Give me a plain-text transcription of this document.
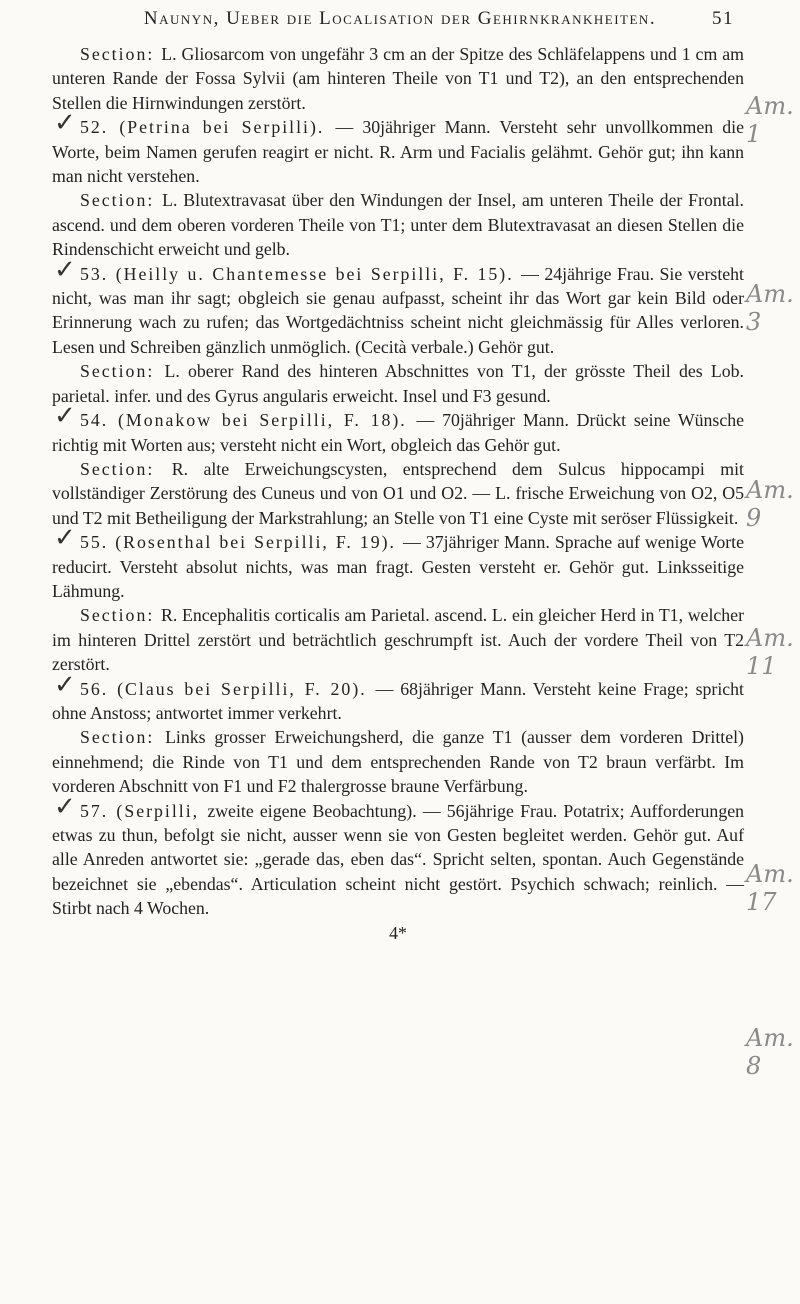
Naunyn, Ueber die Localisation der Gehirnkrankheiten.	51

Section: L. Gliosarcom von ungefähr 3 cm an der Spitze des Schläfelappens und 1 cm am unteren Rande der Fossa Sylvii (am hinteren Theile von T1 und T2), an den entsprechenden Stellen die Hirnwindungen zerstört.

✓ 52. (Petrina bei Serpilli). — 30jähriger Mann. Versteht sehr unvollkommen die Worte, beim Namen gerufen reagirt er nicht. R. Arm und Facialis gelähmt. Gehör gut; ihn kann man nicht verstehen.

Section: L. Blutextravasat über den Windungen der Insel, am unteren Theile der Frontal. ascend. und dem oberen vorderen Theile von T1; unter dem Blutextravasat an diesen Stellen die Rindenschicht erweicht und gelb.

✓ 53. (Heilly u. Chantemesse bei Serpilli, F. 15). — 24jährige Frau. Sie versteht nicht, was man ihr sagt; obgleich sie genau aufpasst, scheint ihr das Wort gar kein Bild oder Erinnerung wach zu rufen; das Wortgedächtniss scheint nicht gleichmässig für Alles verloren. Lesen und Schreiben gänzlich unmöglich. (Cecità verbale.) Gehör gut.

Section: L. oberer Rand des hinteren Abschnittes von T1, der grösste Theil des Lob. parietal. infer. und des Gyrus angularis erweicht. Insel und F3 gesund.

✓ 54. (Monakow bei Serpilli, F. 18). — 70jähriger Mann. Drückt seine Wünsche richtig mit Worten aus; versteht nicht ein Wort, obgleich das Gehör gut.

Section: R. alte Erweichungscysten, entsprechend dem Sulcus hippocampi mit vollständiger Zerstörung des Cuneus und von O1 und O2. — L. frische Erweichung von O2, O5 und T2 mit Betheiligung der Markstrahlung; an Stelle von T1 eine Cyste mit seröser Flüssigkeit.

✓ 55. (Rosenthal bei Serpilli, F. 19). — 37jähriger Mann. Sprache auf wenige Worte reducirt. Versteht absolut nichts, was man fragt. Gesten versteht er. Gehör gut. Linksseitige Lähmung.

Section: R. Encephalitis corticalis am Parietal. ascend. L. ein gleicher Herd in T1, welcher im hinteren Drittel zerstört und beträchtlich geschrumpft ist. Auch der vordere Theil von T2 zerstört.

✓ 56. (Claus bei Serpilli, F. 20). — 68jähriger Mann. Versteht keine Frage; spricht ohne Anstoss; antwortet immer verkehrt.

Section: Links grosser Erweichungsherd, die ganze T1 (ausser dem vorderen Drittel) einnehmend; die Rinde von T1 und dem entsprechenden Rande von T2 braun verfärbt. Im vorderen Abschnitt von F1 und F2 thalergrosse braune Verfärbung.

✓ 57. (Serpilli, zweite eigene Beobachtung). — 56jährige Frau. Potatrix; Aufforderungen etwas zu thun, befolgt sie nicht, ausser wenn sie von Gesten begleitet werden. Gehör gut. Auf alle Anreden antwortet sie: „gerade das, eben das“. Spricht selten, spontan. Auch Gegenstände bezeichnet sie „ebendas“. Articulation scheint nicht gestört. Psychich schwach; reinlich. — Stirbt nach 4 Wochen.

4*

Am. 1
Am. 3
Am. 9
Am. 11
Am. 17
Am. 8
